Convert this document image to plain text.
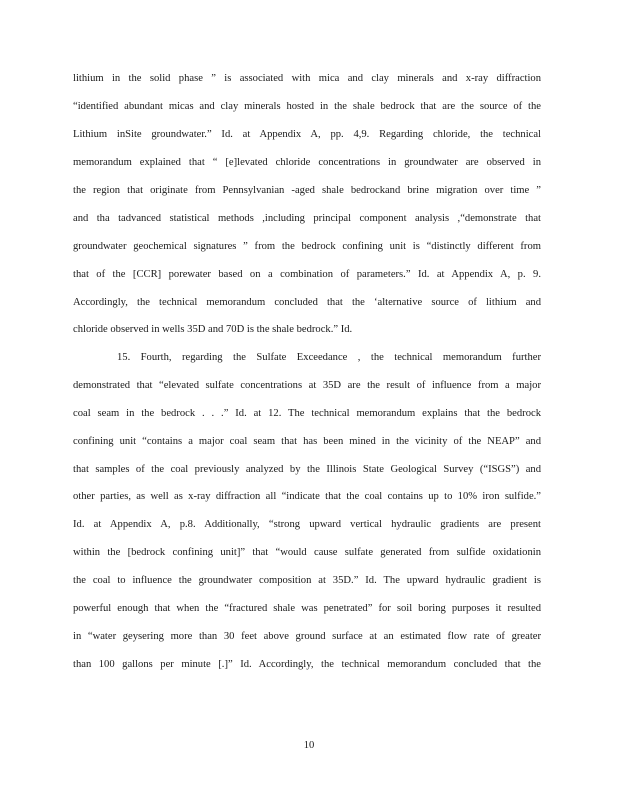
lithium in the solid phase ” is associated with mica and clay minerals and x-ray diffraction
“identified abundant micas and clay minerals hosted in the shale bedrock that are the source of the
Lithium inSite groundwater.” Id. at Appendix A, pp. 4,9. Regarding chloride, the technical
memorandum explained that “ [e]levated chloride concentrations in groundwater are observed in
the region that originate from Pennsylvanian -aged shale bedrockand brine migration over time ”
and tha tadvanced statistical methods ,including principal component analysis ,“demonstrate that
groundwater geochemical signatures ” from the bedrock confining unit is “distinctly different from
that of the [CCR] porewater based on a combination of parameters.” Id. at Appendix A, p. 9.
Accordingly, the technical memorandum concluded that the ‘alternative source of lithium and
chloride observed in wells 35D and 70D is the shale bedrock.” Id.
15. Fourth, regarding the Sulfate Exceedance , the technical memorandum further
demonstrated that “elevated sulfate concentrations at 35D are the result of influence from a major
coal seam in the bedrock . . .” Id. at 12. The technical memorandum explains that the bedrock
confining unit “contains a major coal seam that has been mined in the vicinity of the NEAP” and
that samples of the coal previously analyzed by the Illinois State Geological Survey (“ISGS”) and
other parties, as well as x-ray diffraction all “indicate that the coal contains up to 10% iron sulfide.”
Id. at Appendix A, p.8. Additionally, “strong upward vertical hydraulic gradients are present
within the [bedrock confining unit]” that “would cause sulfate generated from sulfide oxidationin
the coal to influence the groundwater composition at 35D.” Id. The upward hydraulic gradient is
powerful enough that when the “fractured shale was penetrated” for soil boring purposes it resulted
in “water geysering more than 30 feet above ground surface at an estimated flow rate of greater
than 100 gallons per minute [.]” Id. Accordingly, the technical memorandum concluded that the
10
